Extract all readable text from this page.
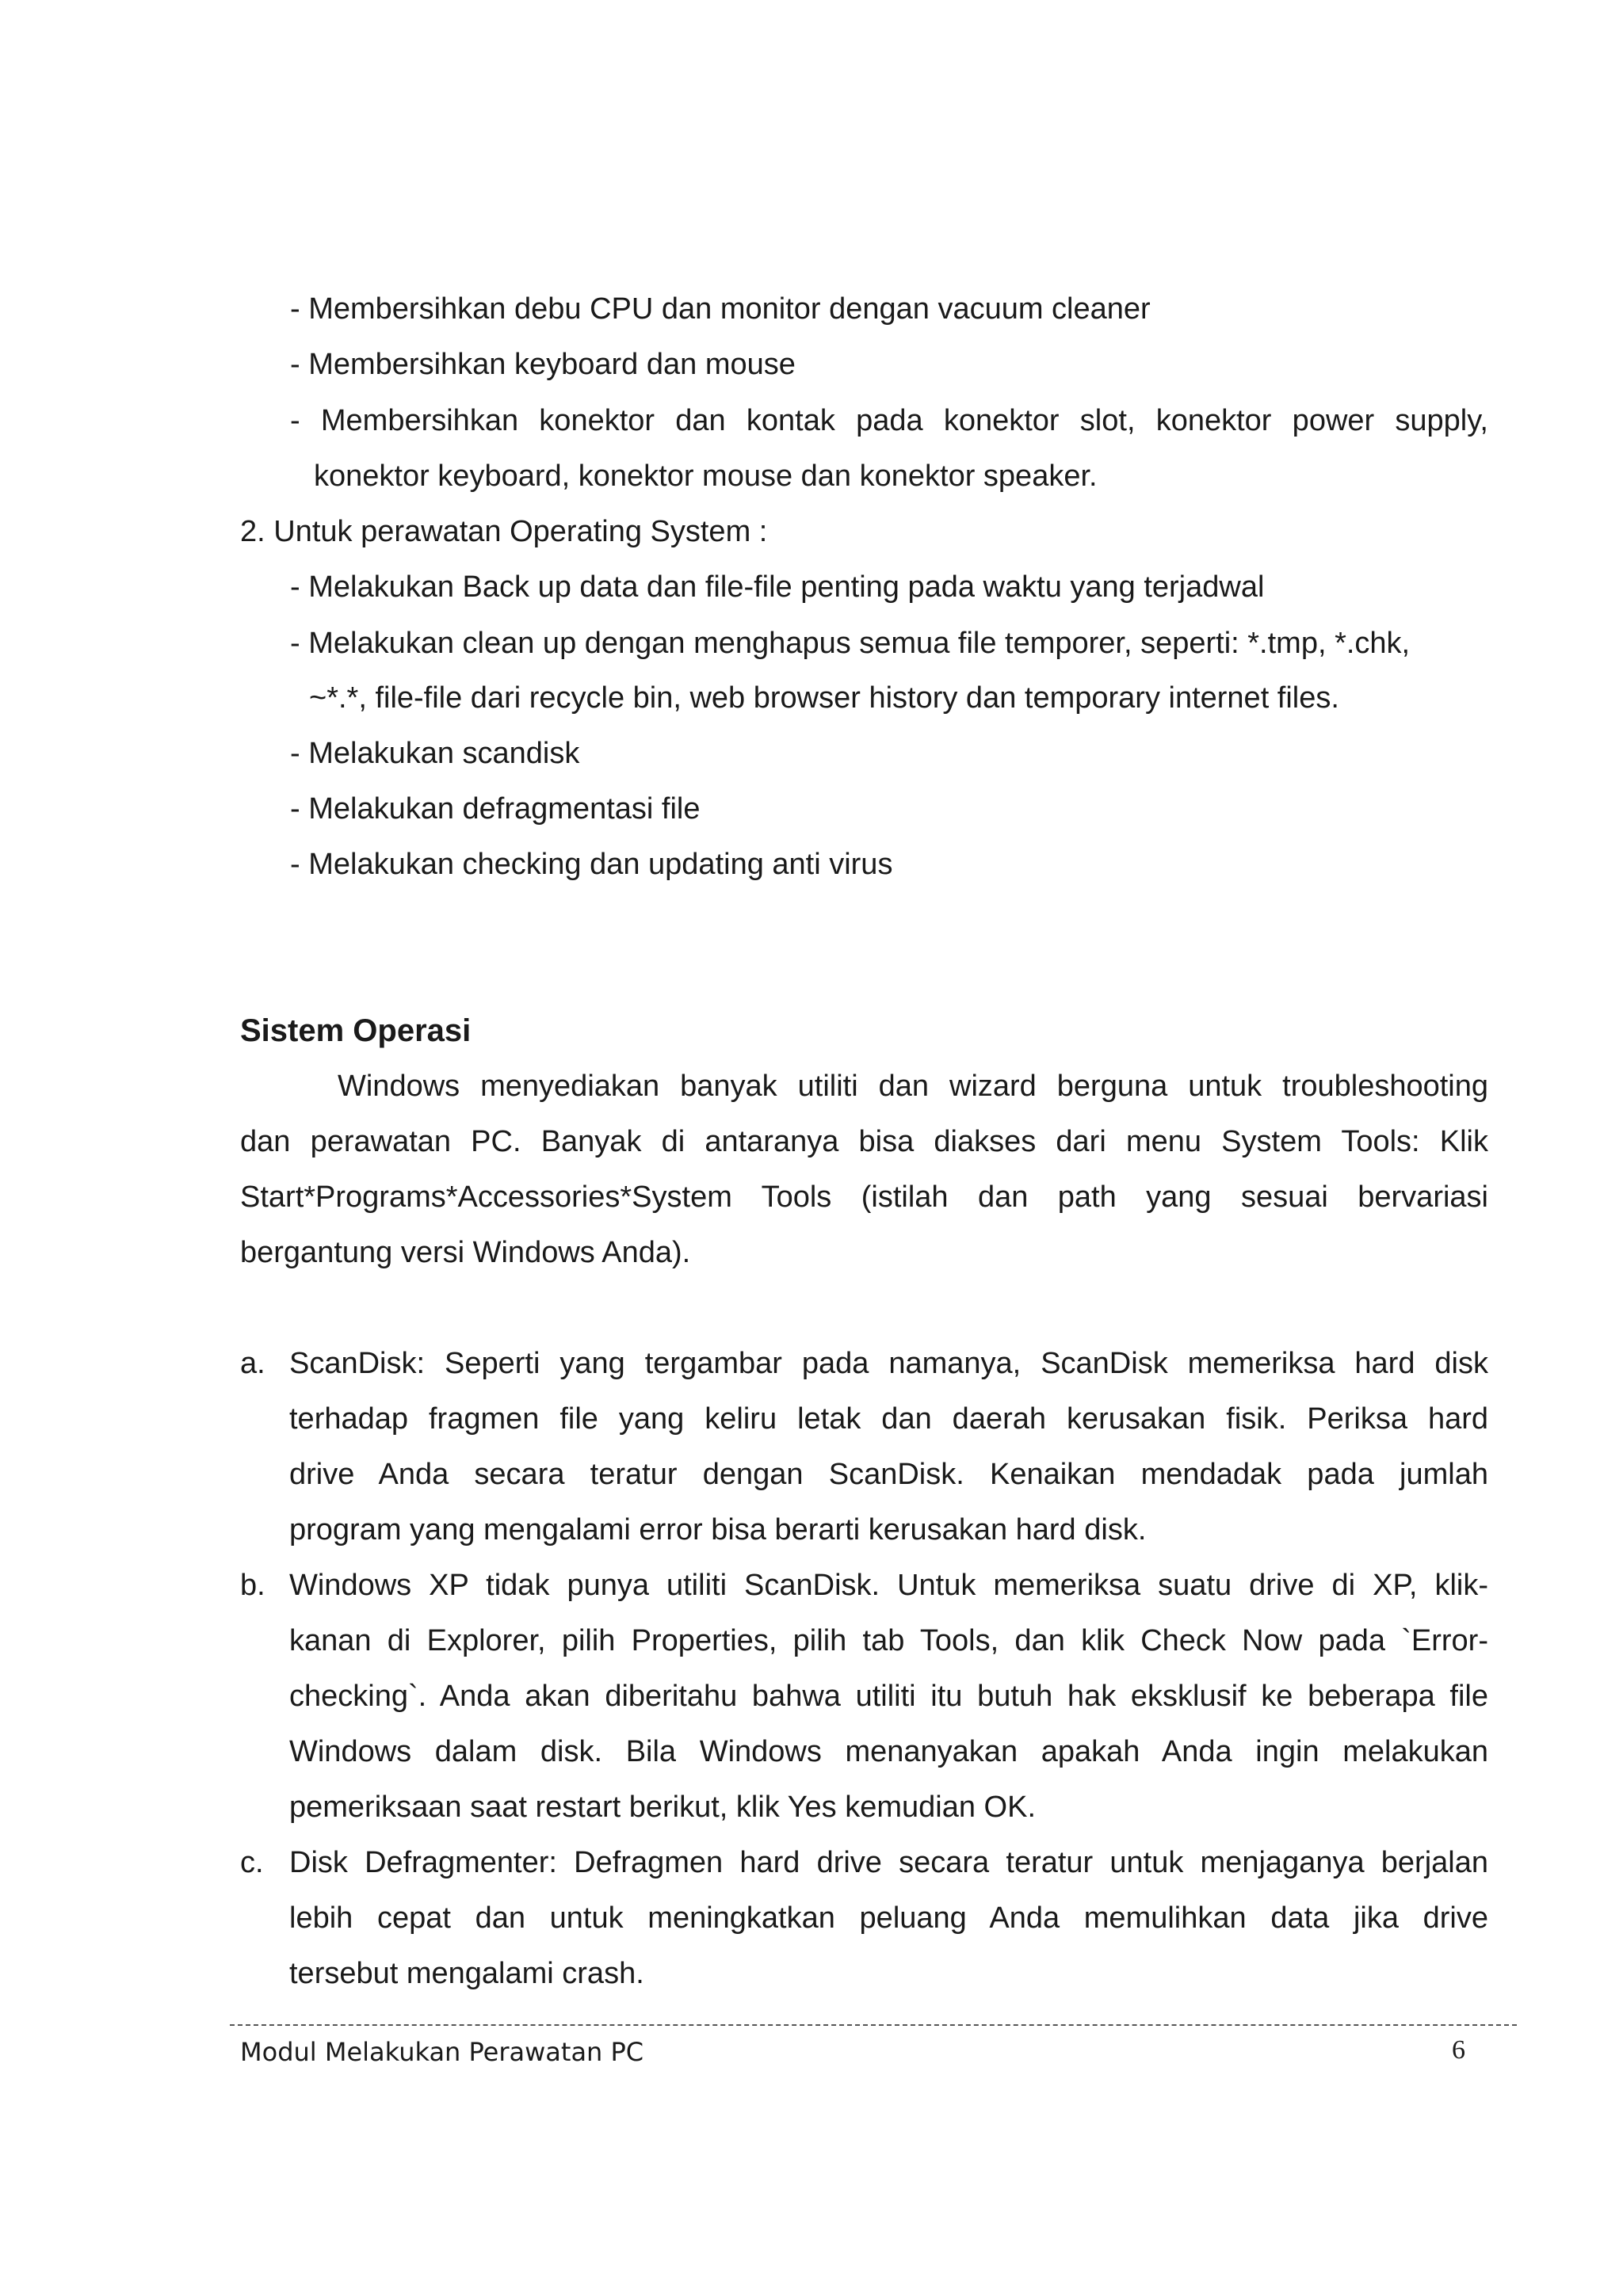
- Membersihkan debu CPU dan monitor dengan vacuum cleaner
- Membersihkan keyboard dan mouse
- Membersihkan konektor dan kontak pada konektor slot, konektor power supply,
konektor keyboard, konektor mouse dan konektor speaker.
2. Untuk perawatan Operating System :
- Melakukan Back up data dan file-file penting pada waktu yang terjadwal
- Melakukan clean up dengan menghapus semua file temporer, seperti: *.tmp, *.chk,
~*.*, file-file dari recycle bin, web browser history dan temporary internet files.
- Melakukan scandisk
- Melakukan defragmentasi file
- Melakukan checking dan updating anti virus
Sistem Operasi
Windows menyediakan banyak utiliti dan wizard berguna untuk troubleshooting
dan perawatan PC. Banyak di antaranya bisa diakses dari menu System Tools: Klik
Start*Programs*Accessories*System Tools (istilah dan path yang sesuai bervariasi
bergantung versi Windows Anda).
a. ScanDisk: Seperti yang tergambar pada namanya, ScanDisk memeriksa hard disk
terhadap fragmen file yang keliru letak dan daerah kerusakan fisik. Periksa hard
drive Anda secara teratur dengan ScanDisk. Kenaikan mendadak pada jumlah
program yang mengalami error bisa berarti kerusakan hard disk.
b. Windows XP tidak punya utiliti ScanDisk. Untuk memeriksa suatu drive di XP, klik-
kanan di Explorer, pilih Properties, pilih tab Tools, dan klik Check Now pada `Error-
checking`. Anda akan diberitahu bahwa utiliti itu butuh hak eksklusif ke beberapa file
Windows dalam disk. Bila Windows menanyakan apakah Anda ingin melakukan
pemeriksaan saat restart berikut, klik Yes kemudian OK.
c. Disk Defragmenter: Defragmen hard drive secara teratur untuk menjaganya berjalan
lebih cepat dan untuk meningkatkan peluang Anda memulihkan data jika drive
tersebut mengalami crash.
Modul Melakukan Perawatan PC	6
